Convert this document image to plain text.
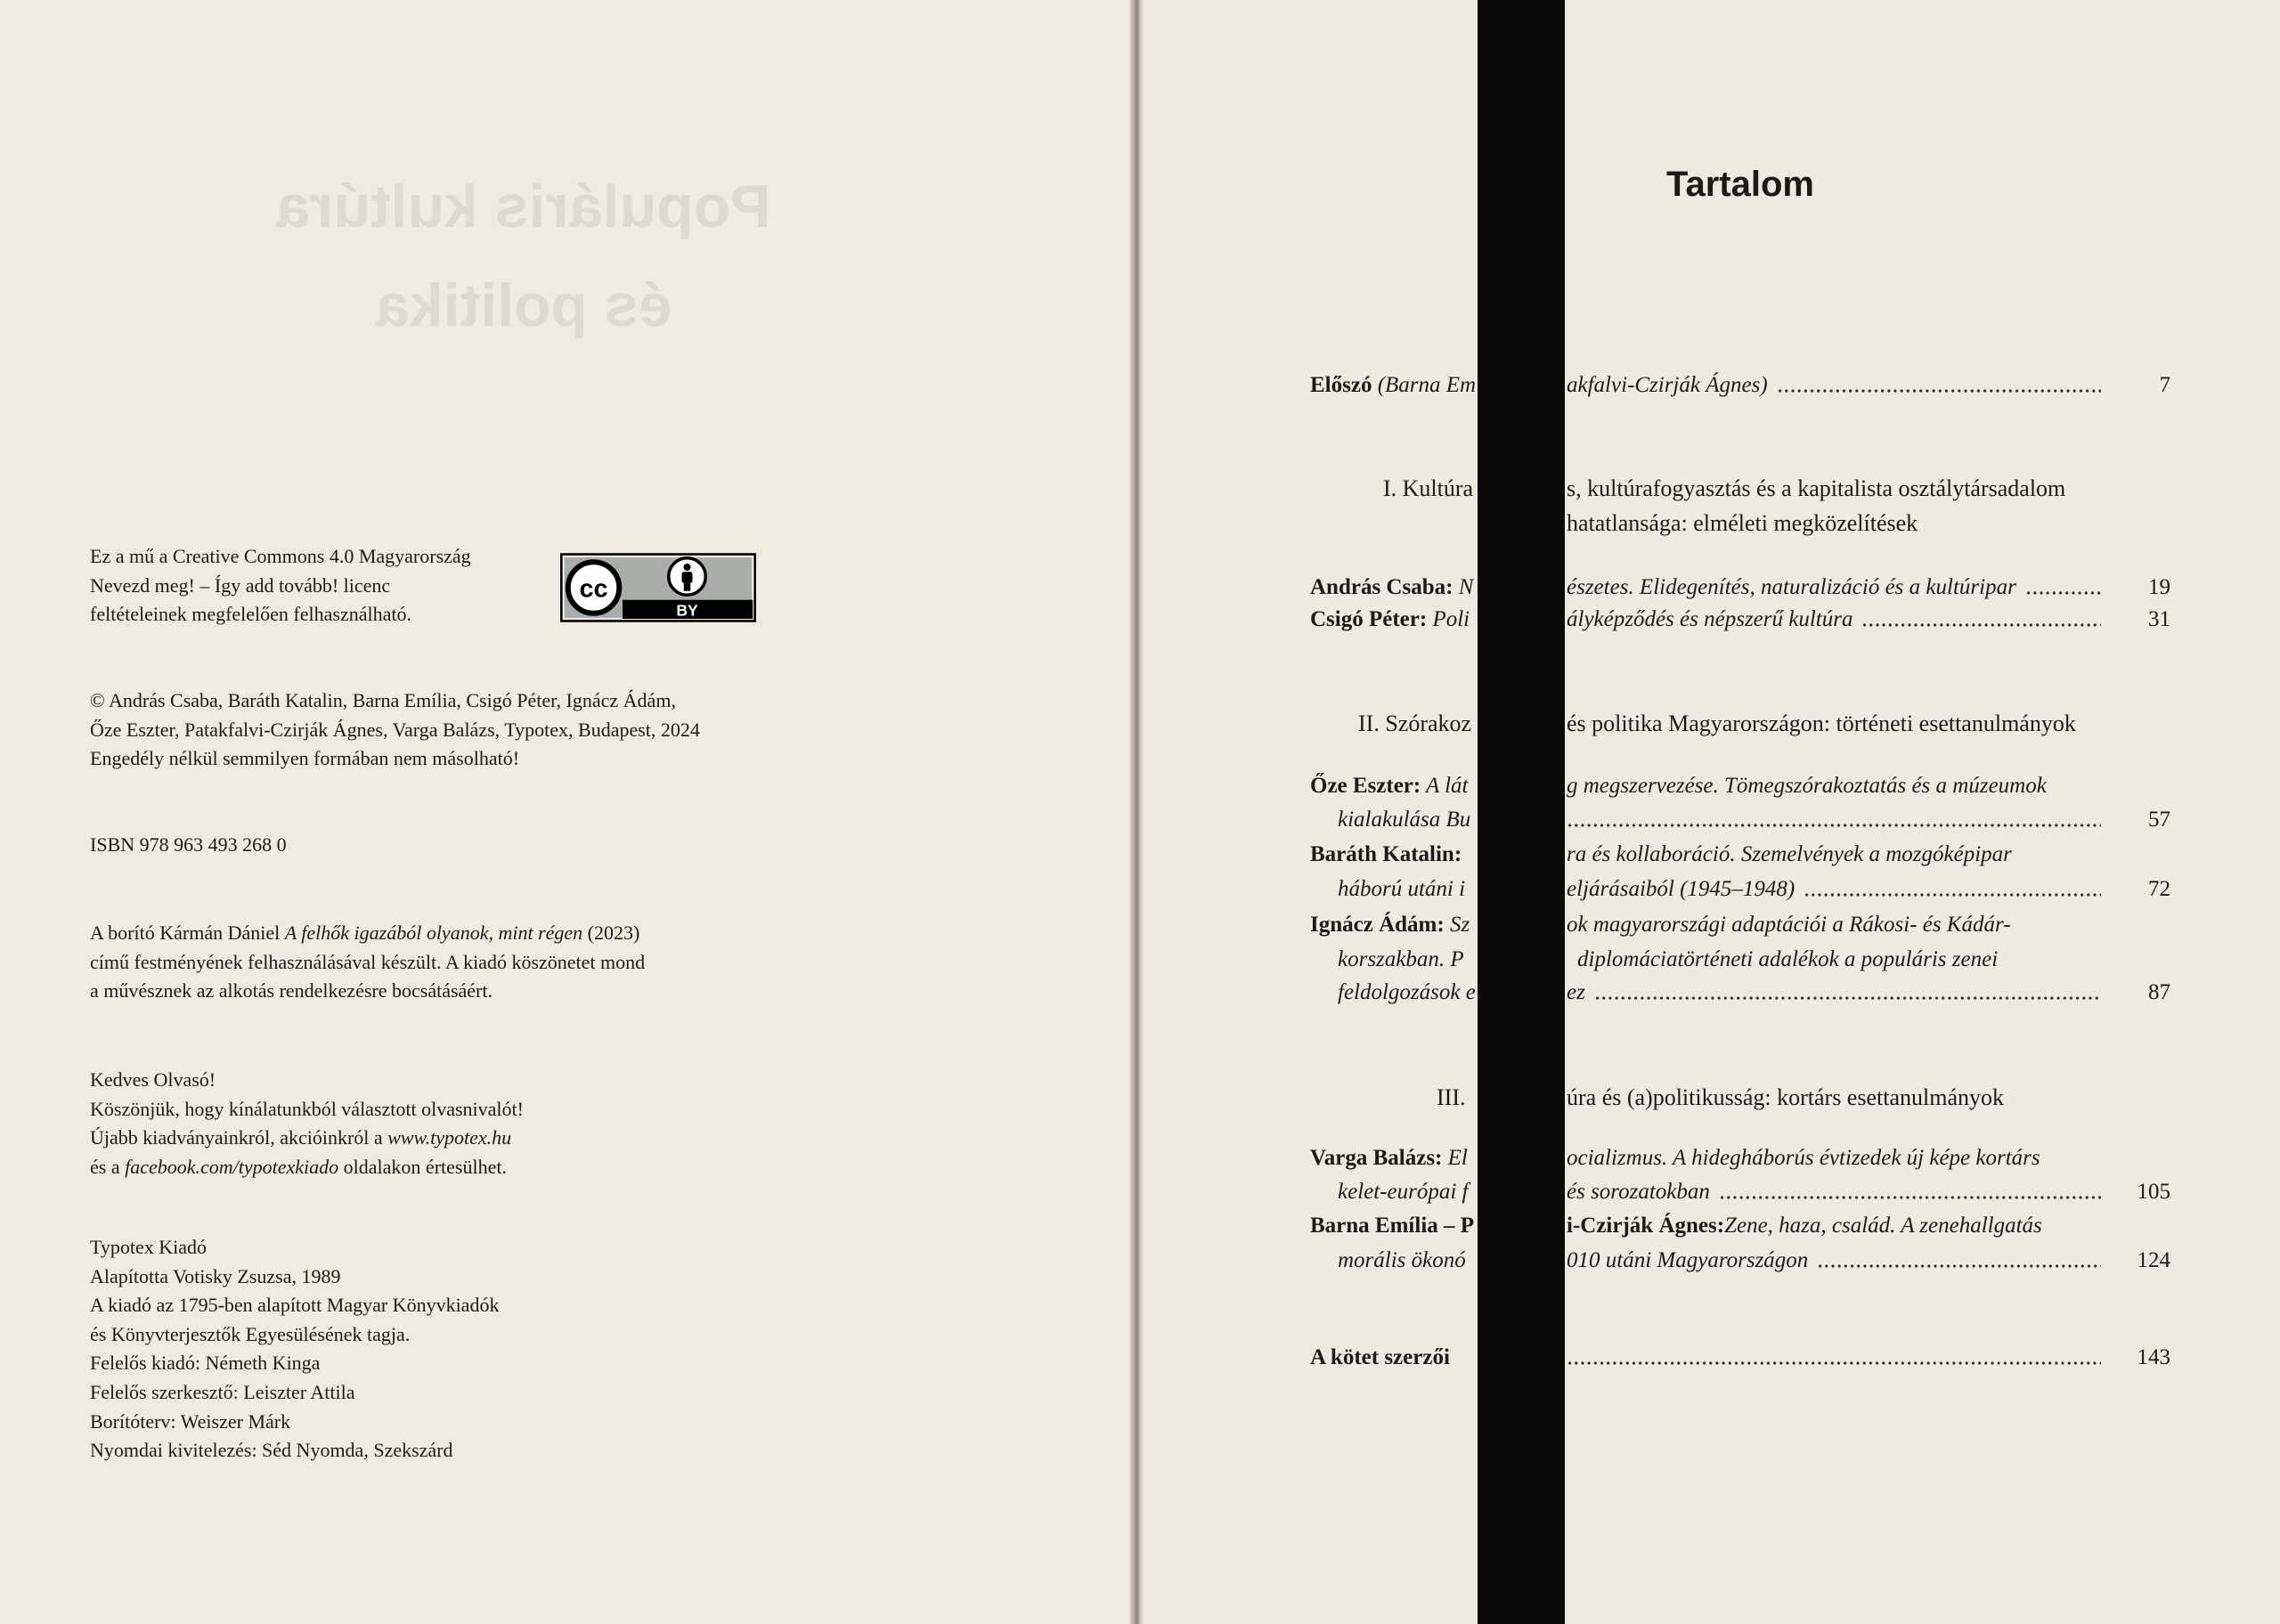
Populáris kultúra
és politika
Ez a mű a Creative Commons 4.0 Magyarország
Nevezd meg! – Így add tovább! licenc
feltételeinek megfelelően felhasználható.
cc
BY
© András Csaba, Baráth Katalin, Barna Emília, Csigó Péter, Ignácz Ádám,
Őze Eszter, Patakfalvi-Czirják Ágnes, Varga Balázs, Typotex, Budapest, 2024
Engedély nélkül semmilyen formában nem másolható!
ISBN 978 963 493 268 0
A borító Kármán Dániel A felhők igazából olyanok, mint régen (2023)
című festményének felhasználásával készült. A kiadó köszönetet mond
a művésznek az alkotás rendelkezésre bocsátásáért.
Kedves Olvasó!
Köszönjük, hogy kínálatunkból választott olvasnivalót!
Újabb kiadványainkról, akcióinkról a www.typotex.hu
és a facebook.com/typotexkiado oldalakon értesülhet.
Typotex Kiadó
Alapította Votisky Zsuzsa, 1989
A kiadó az 1795-ben alapított Magyar Könyvkiadók
és Könyvterjesztők Egyesülésének tagja.
Felelős kiadó: Németh Kinga
Felelős szerkesztő: Leiszter Attila
Borítóterv: Weiszer Márk
Nyomdai kivitelezés: Séd Nyomda, Szekszárd
Tartalom
Előszó (Barna Em	akfalvi-Czirják Ágnes)	7
I. Kultúra	s, kultúrafogyasztás és a kapitalista osztálytársadalom
hatatlansága: elméleti megközelítések
András Csaba: N	észetes. Elidegenítés, naturalizáció és a kultúripar	19
Csigó Péter: Poli	ályképződés és népszerű kultúra	31
II. Szórakoz	és politika Magyarországon: történeti esettanulmányok
Őze Eszter: A lát	g megszervezése. Tömegszórakoztatás és a múzeumok
kialakulása Bu	57
Baráth Katalin:	ra és kollaboráció. Szemelvények a mozgóképipar
háború utáni i	eljárásaiból (1945–1948)	72
Ignácz Ádám: Sz	ok magyarországi adaptációi a Rákosi- és Kádár-
korszakban. P	diplomáciatörténeti adalékok a populáris zenei
feldolgozások e	ez	87
III.	úra és (a)politikusság: kortárs esettanulmányok
Varga Balázs: El	ocializmus. A hidegháborús évtizedek új képe kortárs
kelet-európai f	és sorozatokban	105
Barna Emília – P	i-Czirják Ágnes: Zene, haza, család. A zenehallgatás
morális ökonó	010 utáni Magyarországon	124
A kötet szerzői	143
